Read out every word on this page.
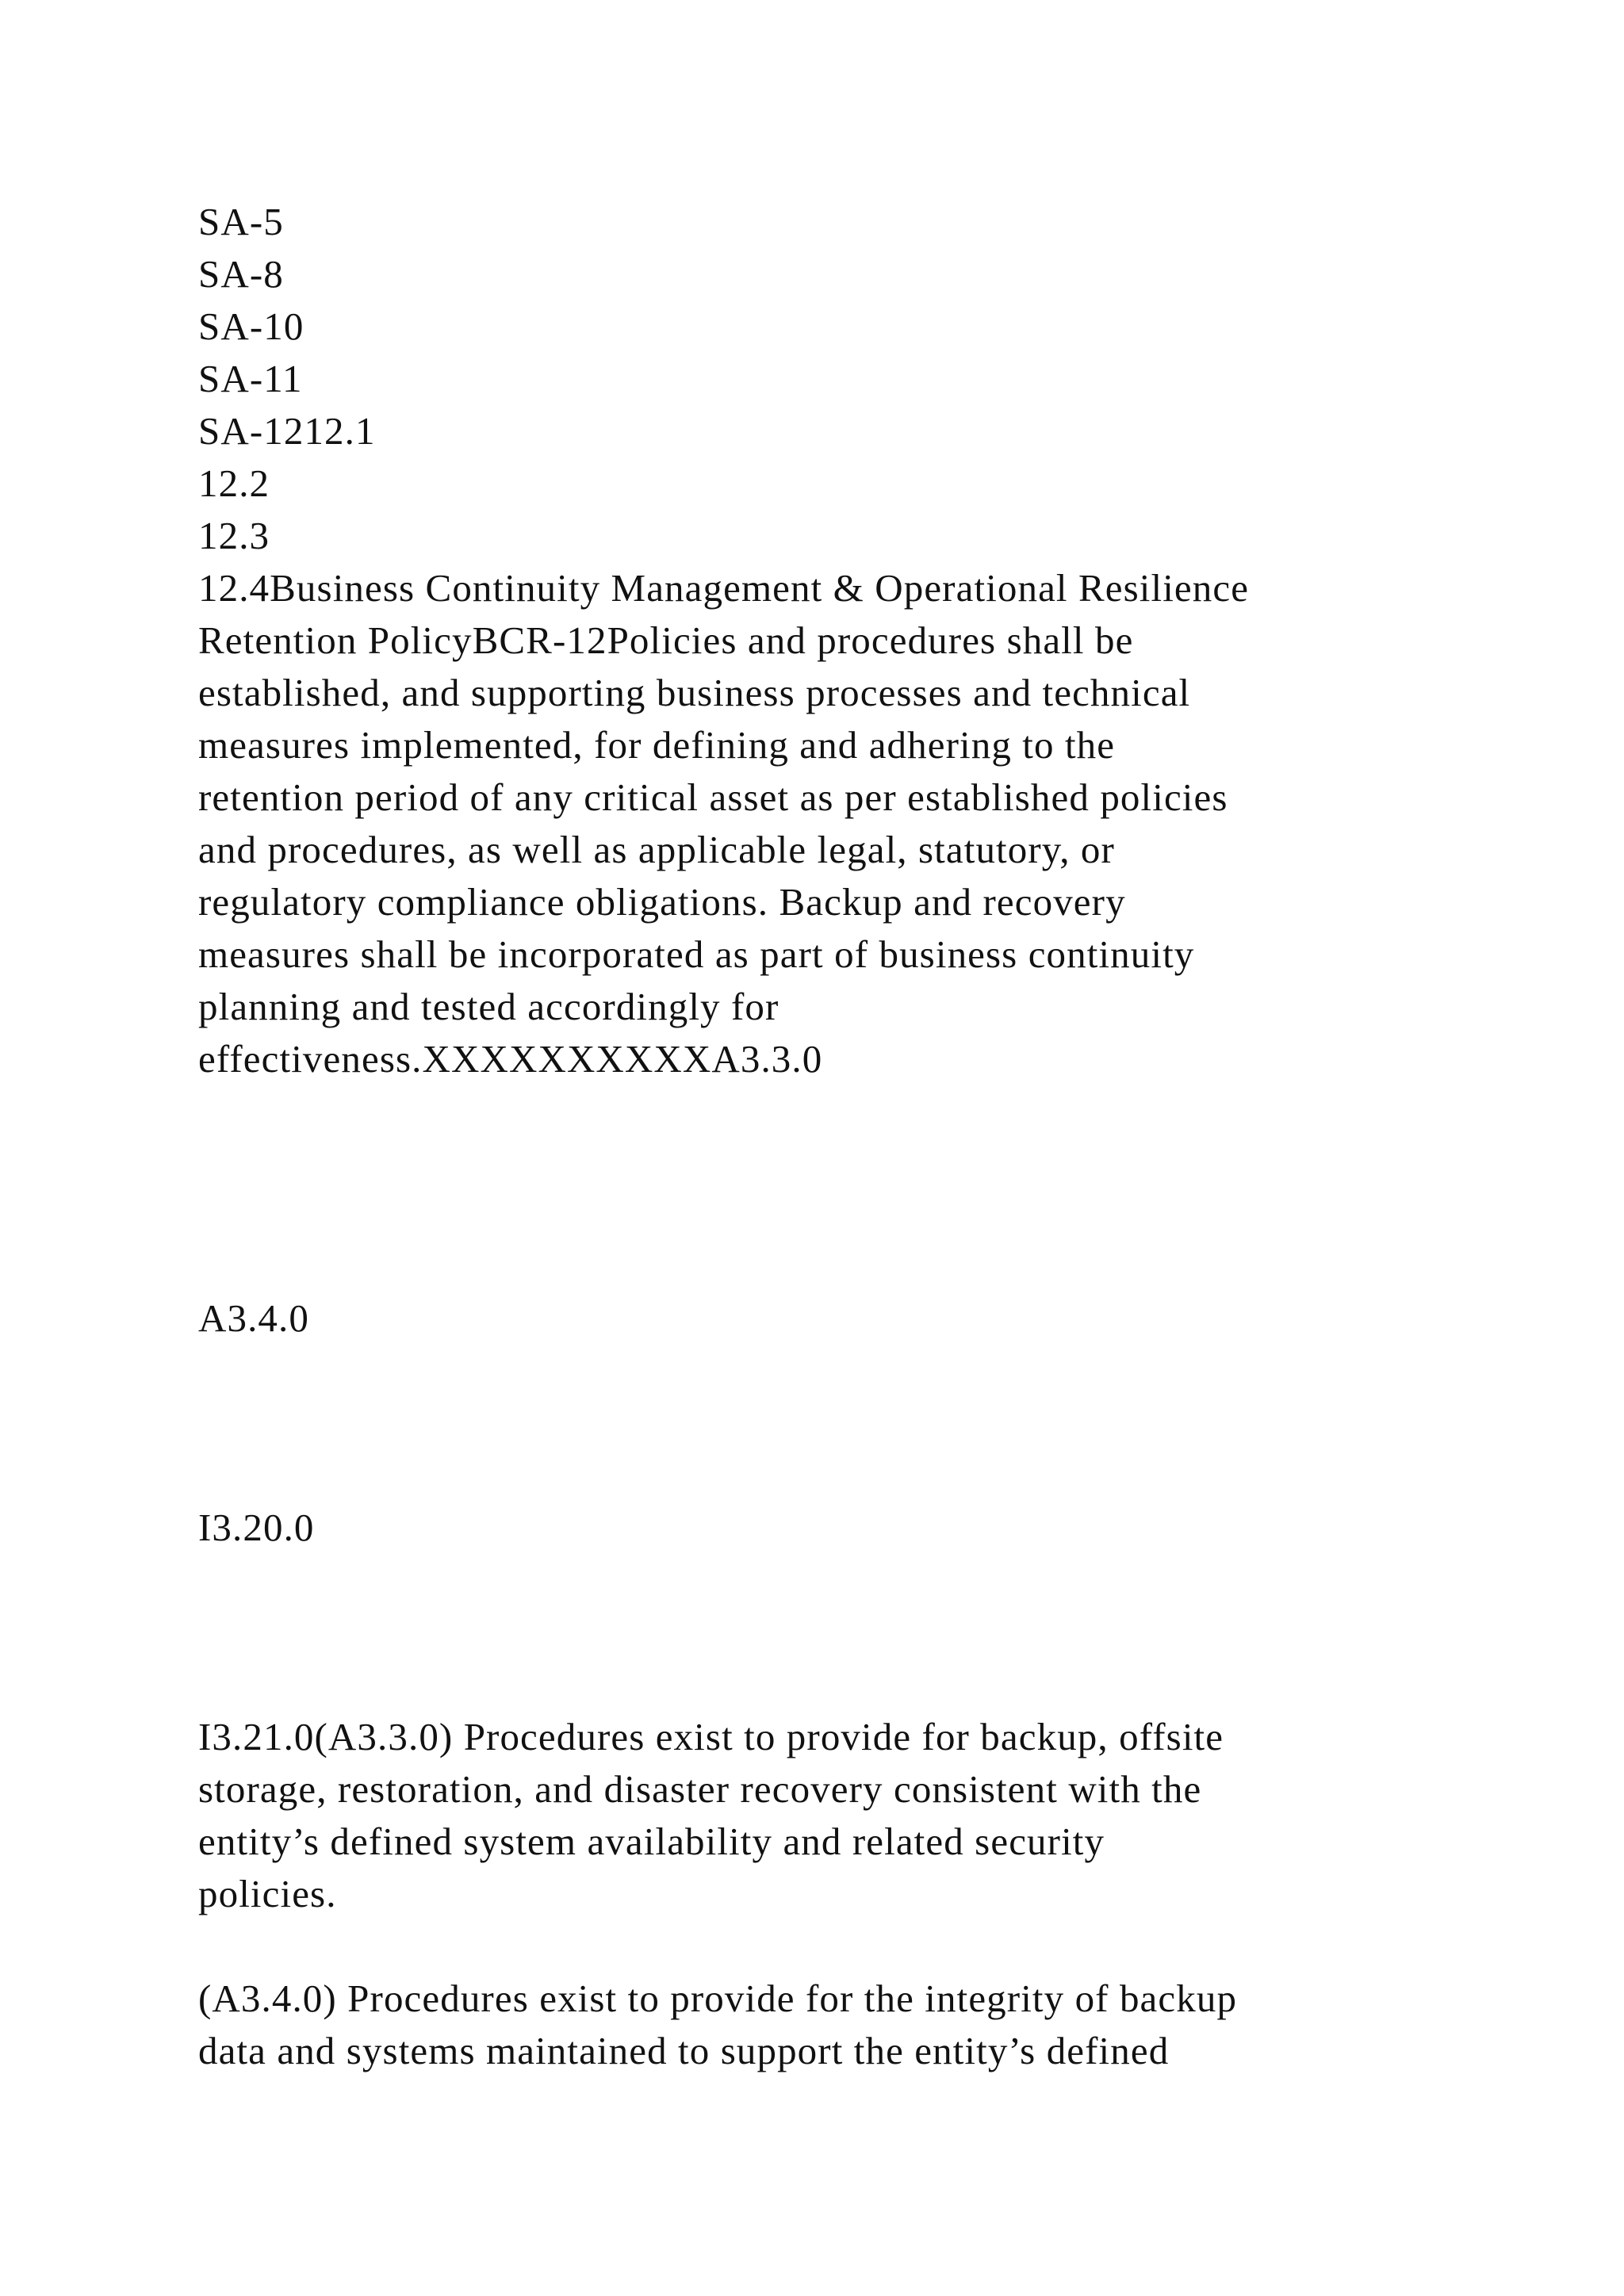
SA-5
SA-8
SA-10
SA-11
SA-1212.1
12.2
12.3
12.4Business Continuity Management & Operational Resilience
Retention PolicyBCR-12Policies and procedures shall be
established, and supporting business processes and technical
measures implemented, for defining and adhering to the
retention period of any critical asset as per established policies
and procedures, as well as applicable legal, statutory, or
regulatory compliance obligations. Backup and recovery
measures shall be incorporated as part of business continuity
planning and tested accordingly for
effectiveness.XXXXXXXXXXA3.3.0
A3.4.0
I3.20.0
I3.21.0(A3.3.0) Procedures exist to provide for backup, offsite
storage, restoration, and disaster recovery consistent with the
entity’s defined system availability and related security
policies.
(A3.4.0) Procedures exist to provide for the integrity of backup
data and systems maintained to support the entity’s defined
